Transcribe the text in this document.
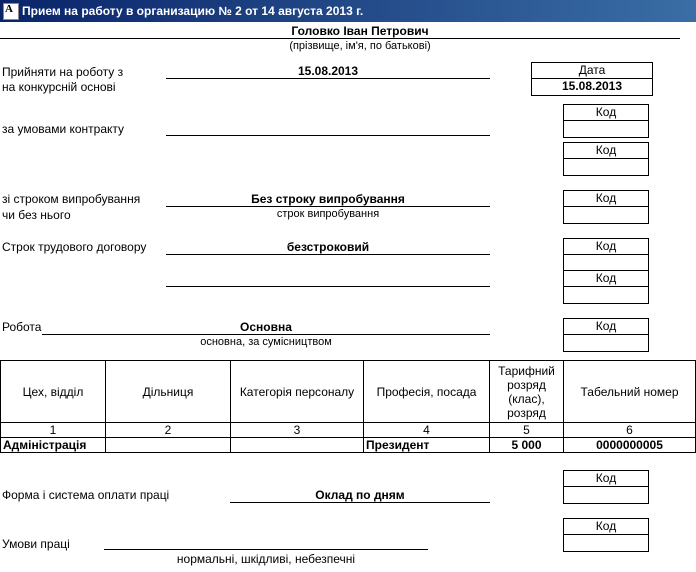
A Прием на работу в организацию № 2 от 14 августа 2013 г.
Головко Іван Петрович
(прізвище, ім'я, по батькові)
Прийняти на роботу з
на конкурсній основі
15.08.2013	Дата
15.08.2013
за умовами контракту
Код
Код
зі строком випробування
чи без нього
Без строку випробування
строк випробування
Код
Строк трудового договору	безстроковий	Код
Код
Робота	Основна
основна, за сумісництвом
Код
Цех, відділ	Дільниця	Категорія персоналу	Професія, посада	Тарифний розряд (клас), розряд	Табельний номер
1	2	3	4	5	6
Адміністрація			Президент	5 000	0000000005
Форма і система оплати праці	Оклад по дням
Код
Умови праці
нормальні, шкідливі, небезпечні
Код
